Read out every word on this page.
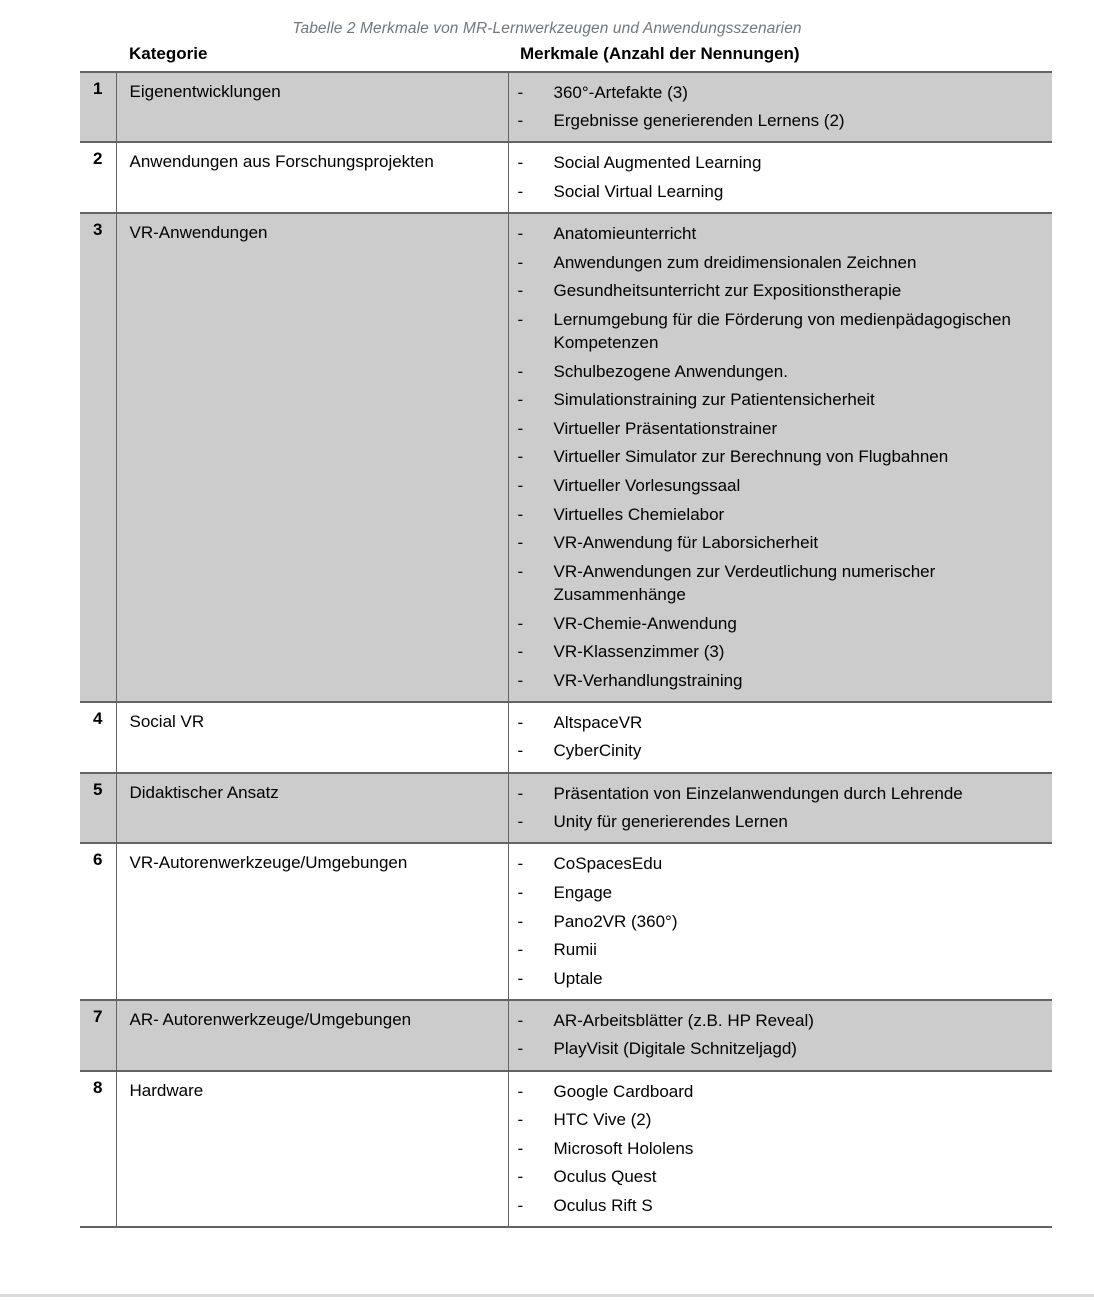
Tabelle 2 Merkmale von MR-Lernwerkzeugen und Anwendungsszenarien
	Kategorie	Merkmale (Anzahl der Nennungen)
1	Eigenentwicklungen	-	360°-Artefakte (3)
-	Ergebnisse generierenden Lernens (2)

2	Anwendungen aus Forschungsprojekten	-	Social Augmented Learning
-	Social Virtual Learning

3	VR-Anwendungen	-	Anatomieunterricht
-	Anwendungen zum dreidimensionalen Zeichnen
-	Gesundheitsunterricht zur Expositionstherapie
-	Lernumgebung für die Förderung von medienpädagogischen Kompetenzen
-	Schulbezogene Anwendungen.
-	Simulationstraining zur Patientensicherheit
-	Virtueller Präsentationstrainer
-	Virtueller Simulator zur Berechnung von Flugbahnen
-	Virtueller Vorlesungssaal
-	Virtuelles Chemielabor
-	VR-Anwendung für Laborsicherheit
-	VR-Anwendungen zur Verdeutlichung numerischer Zusammenhänge
-	VR-Chemie-Anwendung
-	VR-Klassenzimmer (3)
-	VR-Verhandlungstraining

4	Social VR	-	AltspaceVR
-	CyberCinity

5	Didaktischer Ansatz	-	Präsentation von Einzelanwendungen durch Lehrende
-	Unity für generierendes Lernen

6	VR-Autorenwerkzeuge/Umgebungen	-	CoSpacesEdu
-	Engage
-	Pano2VR (360°)
-	Rumii
-	Uptale

7	AR- Autorenwerkzeuge/Umgebungen	-	AR-Arbeitsblätter (z.B. HP Reveal)
-	PlayVisit (Digitale Schnitzeljagd)

8	Hardware	-	Google Cardboard
-	HTC Vive (2)
-	Microsoft Hololens
-	Oculus Quest
-	Oculus Rift S
